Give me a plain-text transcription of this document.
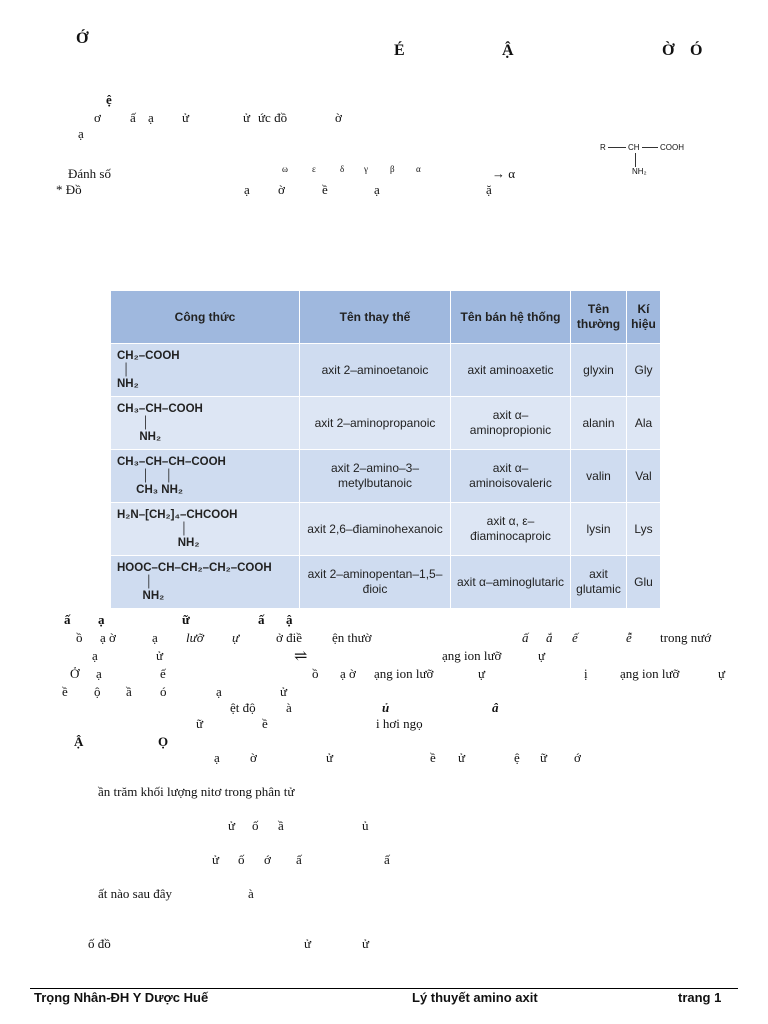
Ớ
É	Ậ	Ờ Ó
ệ
ơ ấ ạ ử	ử ức đồ	ờ
ạ
Đánh số	ω	ε	δ γ β α	→ α
* Đồ	ạ ờ	ề	ạ	ặ
R	CH	COOH
NH₂
Công thức	Tên thay thế	Tên bán hệ thống	Tên thường	Kí hiệu

CH₂–COOH
│
NH₂	axit 2–aminoetanoic	axit aminoaxetic	glyxin	Gly

CH₃–CH–COOH
│
NH₂	axit 2–aminopropanoic	axit α–aminopropionic	alanin	Ala

CH₃–CH–CH–COOH
│     │
CH₃ NH₂	axit 2–amino–3–metylbutanoic	axit α–aminoisovaleric	valin	Val

H₂N–[CH₂]₄–CHCOOH
│
NH₂	axit 2,6–điaminohexanoic	axit α, ε–điaminocaproic	lysin	Lys

HOOC–CH–CH₂–CH₂–COOH
│
NH₂	axit 2–aminopentan–1,5–đioic	axit α–aminoglutaric	axit glutamic	Glu
ấ ạ	ữ	ấ ậ
ồ ạ ờ	ạ lưỡ ự	ở điề ện thườ	ấ ắ ế	ễ trong nướ
ạ	ử	⇌	ạng ion lưỡ	ự
Ở ạ	ế	ồ ạ ờ ạng ion lưỡ	ự	ị ạng ion lưỡ	ự
ề ộ ầ ó	ạ	ử
ệt độ à	ủ	â
ữ	ề	i hơi ngọ
Ậ	Ọ
ạ ờ	ử	ề ử	ệ ữ ớ
ần trăm khối lượng nitơ trong phân tử
ử ố ầ	ủ
ử ố ớ ấ	ấ
ất nào sau đây	à
ố đồ	ử	ử
Trọng Nhân-ĐH Y Dược Huế	Lý thuyết amino axit	trang 1
